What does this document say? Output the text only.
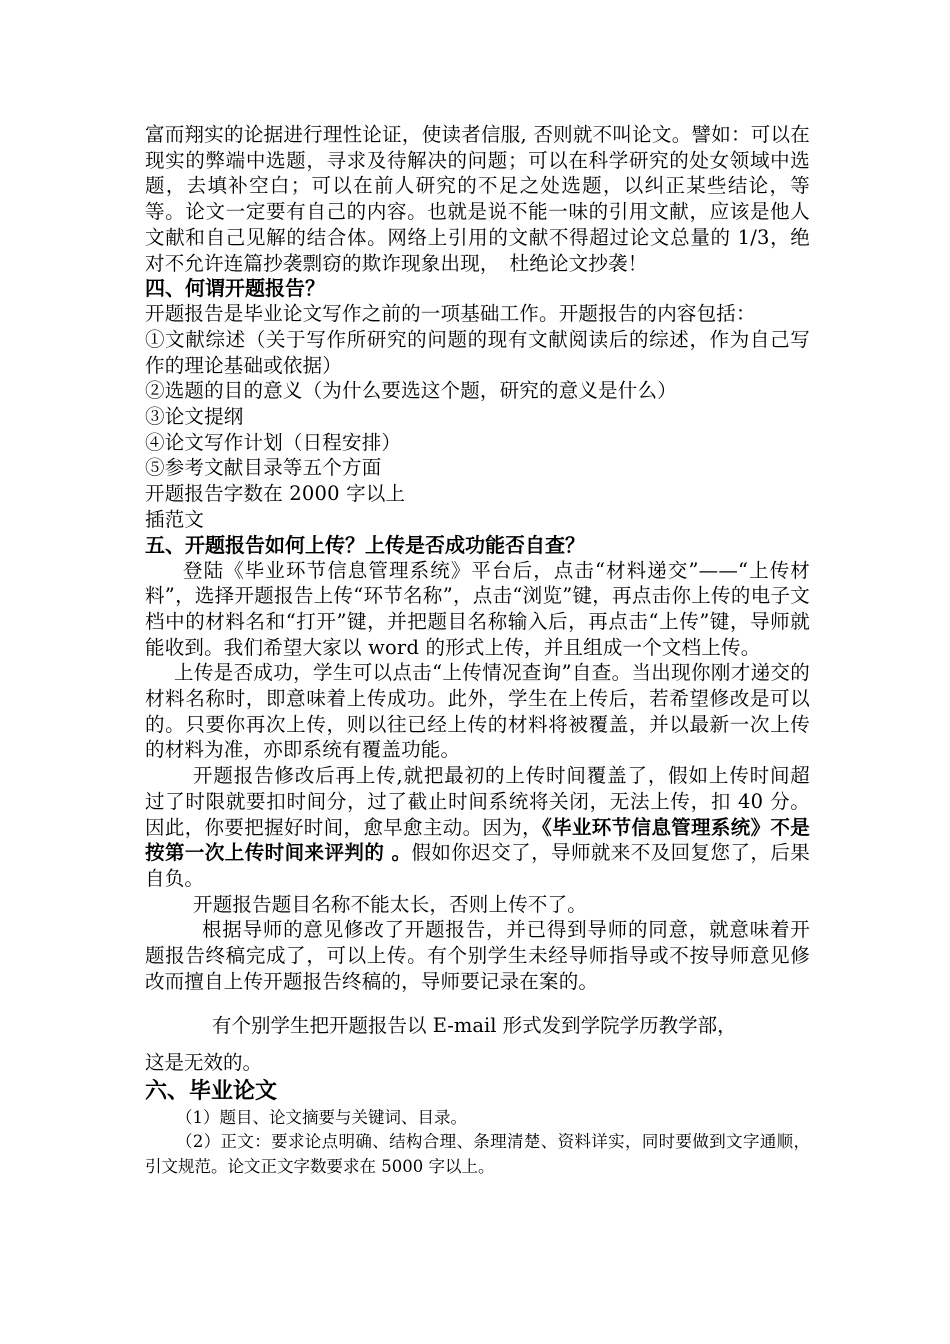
富而翔实的论据进行理性论证，使读者信服, 否则就不叫论文。譬如：可以在现实的弊端中选题，寻求及待解决的问题；可以在科学研究的处女领域中选题，去填补空白；可以在前人研究的不足之处选题，以纠正某些结论，等等。论文一定要有自己的内容。也就是说不能一味的引用文献，应该是他人文献和自己见解的结合体。网络上引用的文献不得超过论文总量的 1/3，绝对不允许连篇抄袭剽窃的欺诈现象出现，　杜绝论文抄袭！

四、何谓开题报告？

开题报告是毕业论文写作之前的一项基础工作。开题报告的内容包括：

①文献综述（关于写作所研究的问题的现有文献阅读后的综述，作为自己写作的理论基础或依据）

②选题的目的意义（为什么要选这个题，研究的意义是什么）

③论文提纲

④论文写作计划（日程安排）

⑤参考文献目录等五个方面

开题报告字数在 2000 字以上

插范文

五、开题报告如何上传？上传是否成功能否自查？

登陆《毕业环节信息管理系统》平台后，点击“材料递交”——“上传材料”，选择开题报告上传“环节名称”，点击“浏览”键，再点击你上传的电子文档中的材料名和“打开”键，并把题目名称输入后，再点击“上传”键，导师就能收到。我们希望大家以 word 的形式上传，并且组成一个文档上传。

上传是否成功，学生可以点击“上传情况查询”自查。当出现你刚才递交的材料名称时，即意味着上传成功。此外，学生在上传后，若希望修改是可以的。只要你再次上传，则以往已经上传的材料将被覆盖，并以最新一次上传的材料为准，亦即系统有覆盖功能。

开题报告修改后再上传,就把最初的上传时间覆盖了，假如上传时间超过了时限就要扣时间分，过了截止时间系统将关闭，无法上传，扣 40 分。因此，你要把握好时间，愈早愈主动。因为，《毕业环节信息管理系统》不是按第一次上传时间来评判的 。假如你迟交了，导师就来不及回复您了，后果自负。

开题报告题目名称不能太长，否则上传不了。

根据导师的意见修改了开题报告，并已得到导师的同意，就意味着开题报告终稿完成了，可以上传。有个别学生未经导师指导或不按导师意见修改而擅自上传开题报告终稿的，导师要记录在案的。

有个别学生把开题报告以 E-mail 形式发到学院学历教学部，

这是无效的。

六、毕业论文

（1）题目、论文摘要与关键词、目录。

（2）正文：要求论点明确、结构合理、条理清楚、资料详实，同时要做到文字通顺，引文规范。论文正文字数要求在 5000 字以上。
